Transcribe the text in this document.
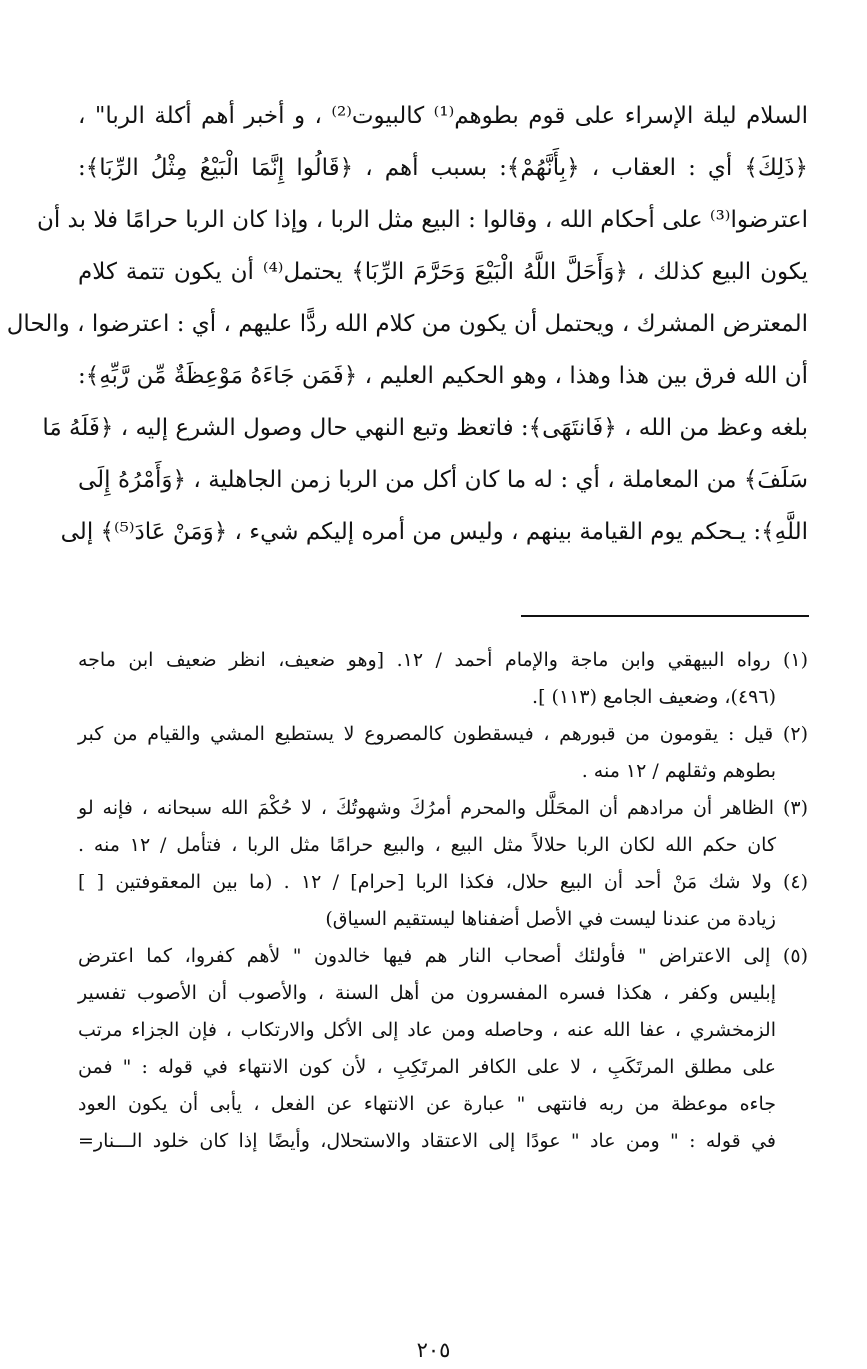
السلام ليلة الإسراء على قوم بطوهم⁽¹⁾ كالبيوت⁽²⁾ ، و أخبر أهم أكلة الربا" ،
﴿ذَلِكَ﴾ أي : العقاب ، ﴿بِأَنَّهُمْ﴾: بسبب أهم ، ﴿قَالُوا إِنَّمَا الْبَيْعُ مِثْلُ الرِّبَا﴾:
اعترضوا⁽³⁾ على أحكام الله ، وقالوا : البيع مثل الربا ، وإذا كان الربا حرامًا فلا بد أن
يكون البيع كذلك ، ﴿وَأَحَلَّ اللَّهُ الْبَيْعَ وَحَرَّمَ الرِّبَا﴾ يحتمل⁽⁴⁾ أن يكون تتمة كلام
المعترض المشرك ، ويحتمل أن يكون من كلام الله ردًّا عليهم ، أي : اعترضوا ، والحال
أن الله فرق بين هذا وهذا ، وهو الحكيم العليم ، ﴿فَمَن جَاءَهُ مَوْعِظَةٌ مِّن رَّبِّهِ﴾:
بلغه وعظ من الله ، ﴿فَانتَهَى﴾: فاتعظ وتبع النهي حال وصول الشرع إليه ، ﴿فَلَهُ مَا
سَلَفَ﴾ من المعاملة ، أي : له ما كان أكل من الربا زمن الجاهلية ، ﴿وَأَمْرُهُ إِلَى
اللَّهِ﴾: يـحكم يوم القيامة بينهم ، وليس من أمره إليكم شيء ، ﴿وَمَنْ عَادَ⁽⁵⁾﴾ إلى
(١) رواه البيهقي وابن ماجة والإمام أحمد / ١٢. [وهو ضعيف، انظر ضعيف ابن ماجه
(٤٩٦)، وضعيف الجامع (١١٣) ].
(٢) قيل : يقومون من قبورهم ، فيسقطون كالمصروع لا يستطيع المشي والقيام من كبر
بطوهم وثقلهم / ١٢ منه .
(٣) الظاهر أن مرادهم أن المحَلَّل والمحرم أمرُكَ وشهوتُكَ ، لا حُكْمَ الله سبحانه ، فإنه لو
كان حكم الله لكان الربا حلالاً مثل البيع ، والبيع حرامًا مثل الربا ، فتأمل / ١٢ منه .
(٤) ولا شك مَنْ أحد أن البيع حلال، فكذا الربا [حرام] / ١٢ . (ما بين المعقوفتين [ ]
زيادة من عندنا ليست في الأصل أضفناها ليستقيم السياق)
(٥) إلى الاعتراض " فأولئك أصحاب النار هم فيها خالدون " لأهم كفروا، كما اعترض
إبليس وكفر ، هكذا فسره المفسرون من أهل السنة ، والأصوب أن الأصوب تفسير
الزمخشري ، عفا الله عنه ، وحاصله ومن عاد إلى الأكل والارتكاب ، فإن الجزاء مرتب
على مطلق المرتَكَبِ ، لا على الكافر المرتَكِبِ ، لأن كون الانتهاء في قوله : " فمن
جاءه موعظة من ربه فانتهى " عبارة عن الانتهاء عن الفعل ، يأبى أن يكون العود
في قوله : " ومن عاد " عودًا إلى الاعتقاد والاستحلال، وأيضًا إذا كان خلود الـــنار=
٢٠٥
